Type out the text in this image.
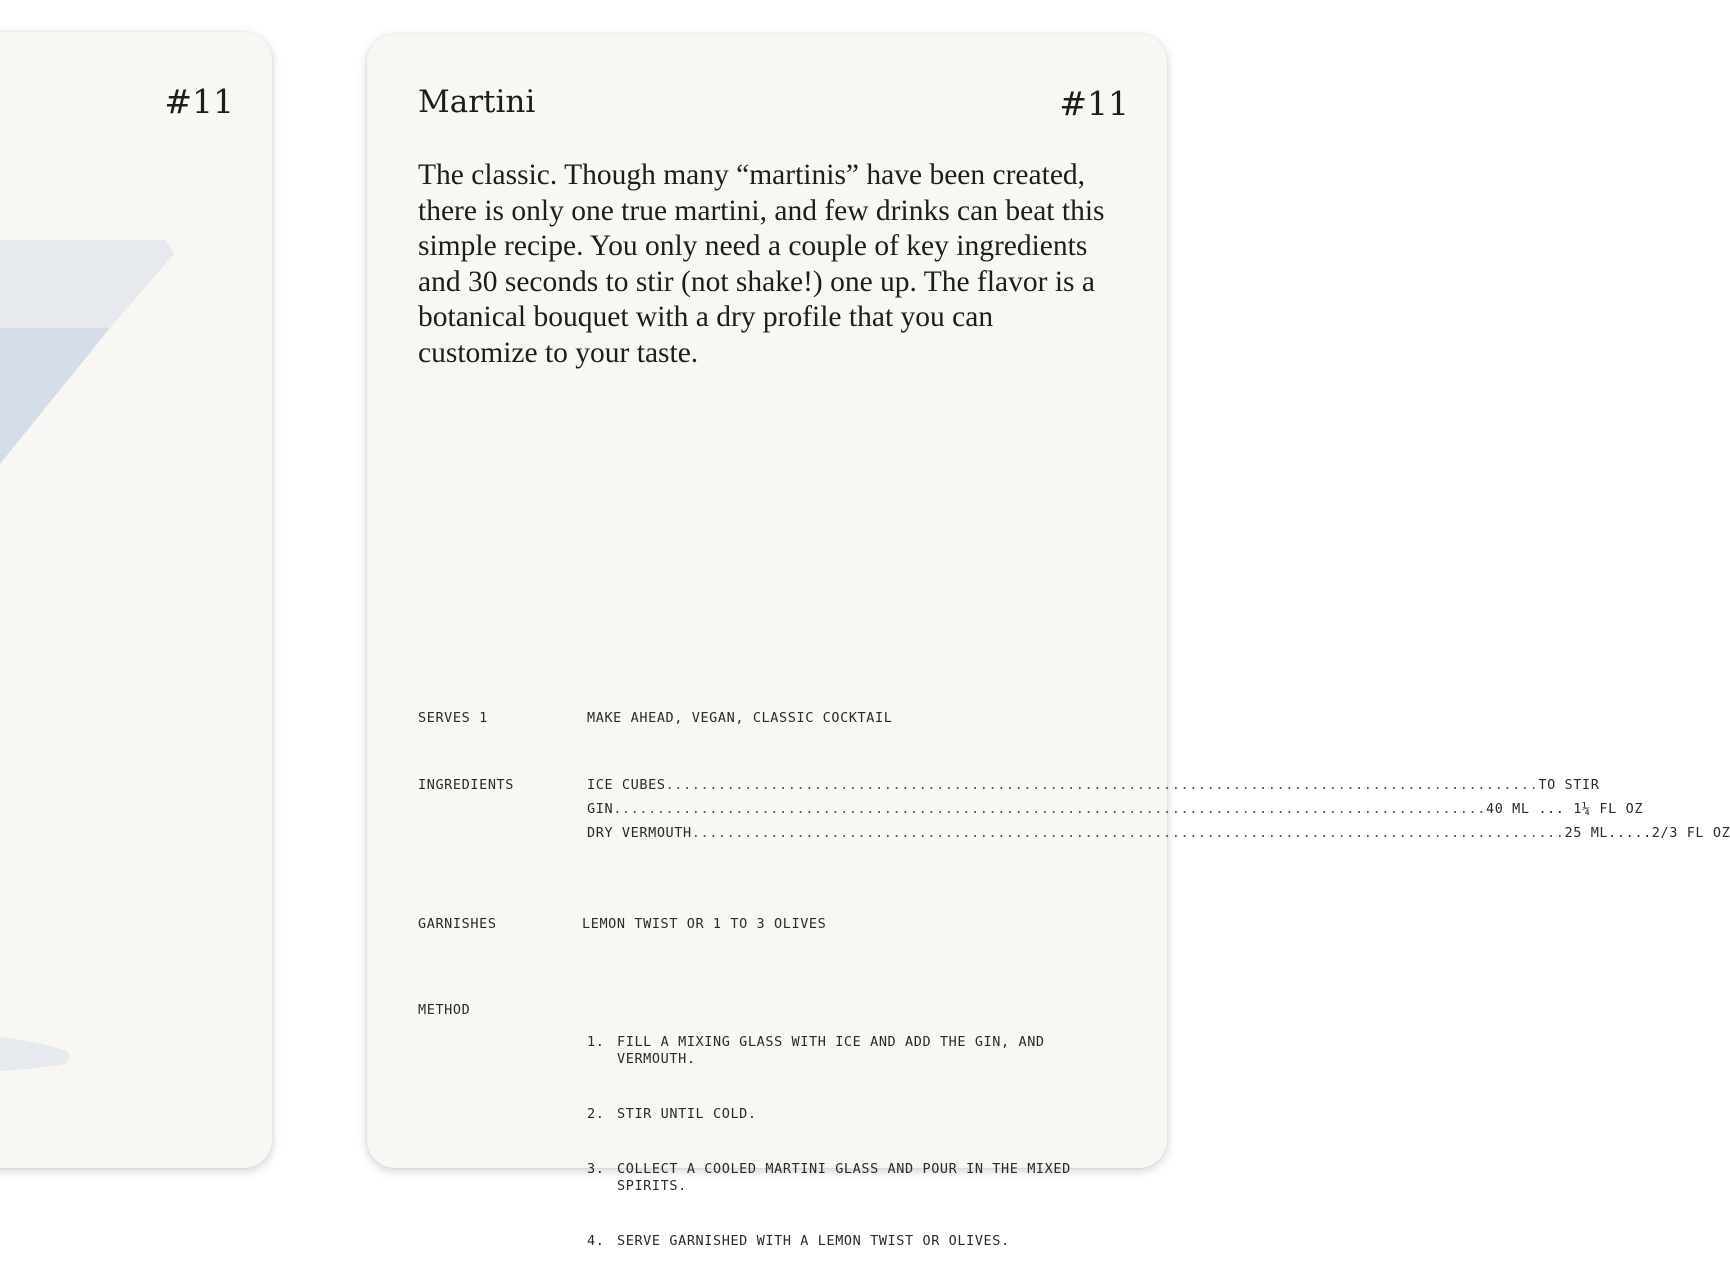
#11	Martini	#11

The classic. Though many “martinis” have been created, there is only one true martini, and few drinks can beat this simple recipe. You only need a couple of key ingredients and 30 seconds to stir (not shake!) one up. The flavor is a botanical bouquet with a dry profile that you can customize to your taste.

SERVES 1	MAKE AHEAD, VEGAN, CLASSIC COCKTAIL
INGREDIENTS	ICE CUBES .....	TO STIR
GIN .....	40 ML ... 1¼ FL OZ
DRY VERMOUTH .....	25 ML.....2/3 FL OZ
GARNISHES	LEMON TWIST OR 1 TO 3 OLIVES
METHOD

1. FILL A MIXING GLASS WITH ICE AND ADD THE GIN, AND VERMOUTH.

2. STIR UNTIL COLD.

3. COLLECT A COOLED MARTINI GLASS AND POUR IN THE MIXED SPIRITS.

4. SERVE GARNISHED WITH A LEMON TWIST OR OLIVES.
